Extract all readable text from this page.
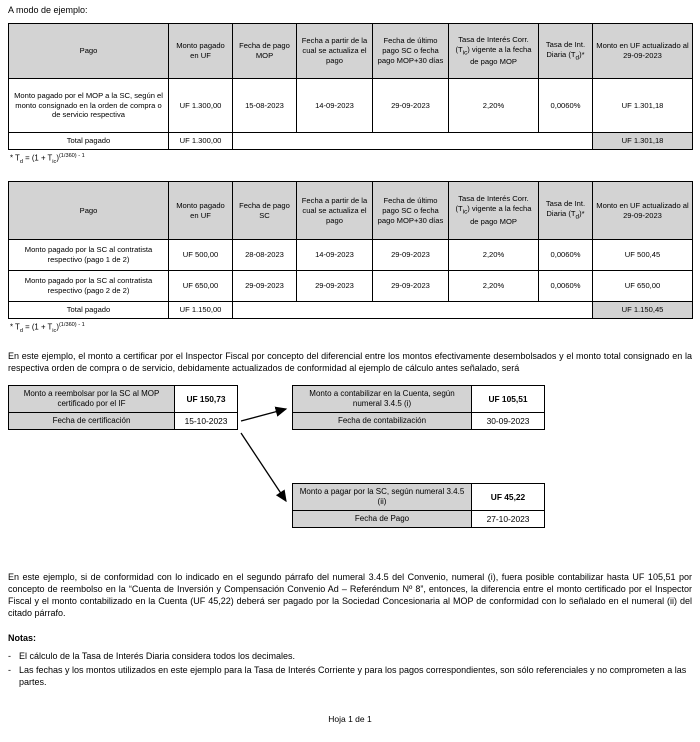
A modo de ejemplo:
Pago	Monto pagado en UF	Fecha de pago MOP	Fecha a partir de la cual se actualiza el pago	Fecha de último pago SC o fecha pago MOP+30 días	Tasa de Interés Corr. $(T_{ic})$ vigente a la fecha de pago MOP	Tasa de Int. Diaria $(T_d)*$	Monto en UF actualizado al 29-09-2023
Monto pagado por el MOP a la SC, según el monto consignado en la orden de compra o de servicio respectiva	UF 1.300,00	15-08-2023	14-09-2023	29-09-2023	2,20%	0,0060%	UF 1.301,18
Total pagado	UF 1.300,00						UF 1.301,18
* $T_d = (1 + T_{ic})^{(1/360) - 1}$
Pago	Monto pagado en UF	Fecha de pago SC	Fecha a partir de la cual se actualiza el pago	Fecha de último pago SC o fecha pago MOP+30 días	Tasa de Interés Corr. $(T_{ic})$ vigente a la fecha de pago MOP	Tasa de Int. Diaria $(T_d)*$	Monto en UF actualizado al 29-09-2023
Monto pagado por la SC al contratista respectivo (pago 1 de 2)	UF 500,00	28-08-2023	14-09-2023	29-09-2023	2,20%	0,0060%	UF 500,45
Monto pagado por la SC al contratista respectivo (pago 2 de 2)	UF 650,00	29-09-2023	29-09-2023	29-09-2023	2,20%	0,0060%	UF 650,00
Total pagado	UF 1.150,00						UF 1.150,45
* $T_d = (1 + T_{ic})^{(1/360) - 1}$

En este ejemplo, el monto a certificar por el Inspector Fiscal por concepto del diferencial entre los montos efectivamente desembolsados y el monto total consignado en la respectiva orden de compra o de servicio, debidamente actualizados de conformidad al ejemplo de cálculo antes señalado, será

Monto a reembolsar por la SC al MOP certificado por el IF	UF 150,73
Fecha de certificación	15-10-2023
Monto a contabilizar en la Cuenta, según numeral 3.4.5 (i)	UF 105,51
Fecha de contabilización	30-09-2023
Monto a pagar por la SC, según numeral 3.4.5 (ii)	UF 45,22
Fecha de Pago	27-10-2023

En este ejemplo, si de conformidad con lo indicado en el segundo párrafo del numeral 3.4.5 del Convenio, numeral (i), fuera posible contabilizar hasta UF 105,51 por concepto de reembolso en la “Cuenta de Inversión y Compensación Convenio Ad – Referéndum Nº 8”, entonces, la diferencia entre el monto certificado por el Inspector Fiscal y el monto contabilizado en la Cuenta (UF 45,22) deberá ser pagado por la Sociedad Concesionaria al MOP de conformidad con lo señalado en el numeral (ii) del citado párrafo.

Notas:
- El cálculo de la Tasa de Interés Diaria considera todos los decimales.
- Las fechas y los montos utilizados en este ejemplo para la Tasa de Interés Corriente y para los pagos correspondientes, son sólo referenciales y no comprometen a las partes.
Hoja 1 de 1
